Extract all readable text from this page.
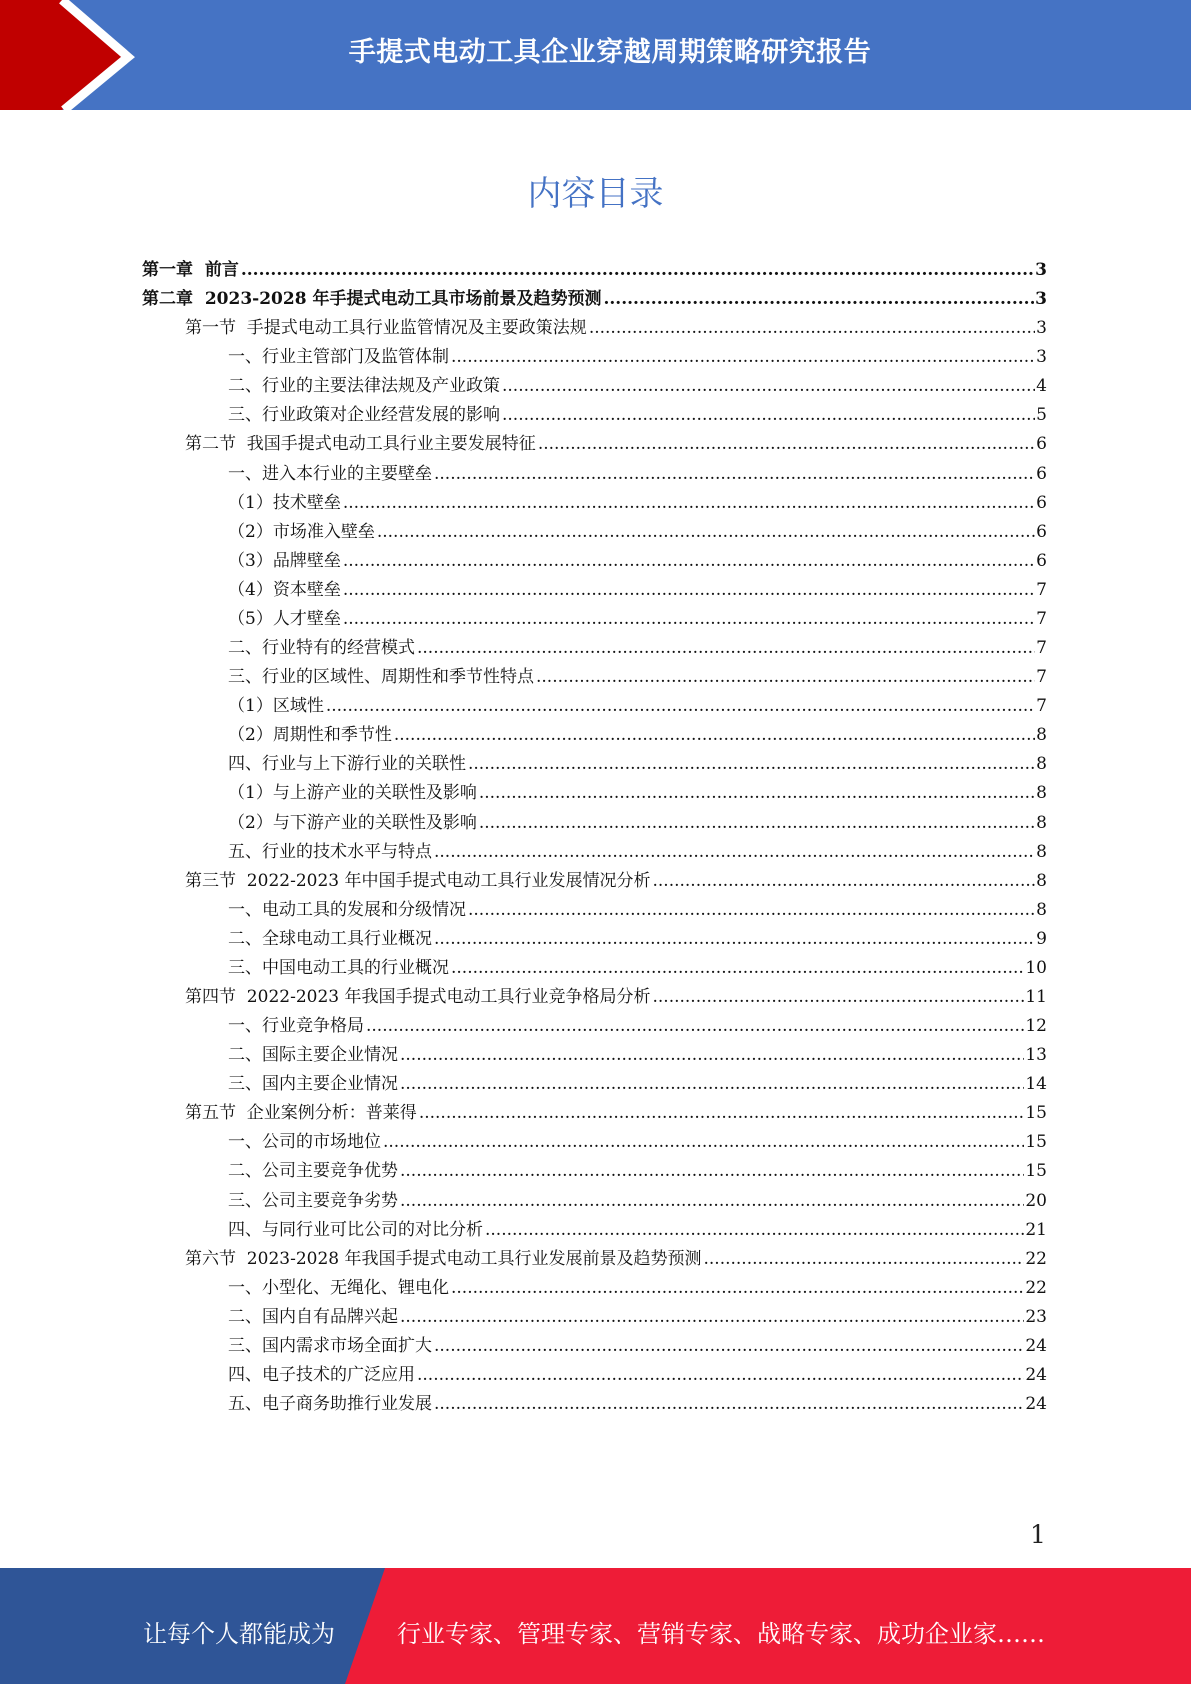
手提式电动工具企业穿越周期策略研究报告
内容目录
第一章  前言 .....	3
第二章  2023-2028 年手提式电动工具市场前景及趋势预测 .....	3
第一节  手提式电动工具行业监管情况及主要政策法规 .....	3
一、行业主管部门及监管体制 .....	3
二、行业的主要法律法规及产业政策 .....	4
三、行业政策对企业经营发展的影响 .....	5
第二节  我国手提式电动工具行业主要发展特征 .....	6
一、进入本行业的主要壁垒 .....	6
（1）技术壁垒 .....	6
（2）市场准入壁垒 .....	6
（3）品牌壁垒 .....	6
（4）资本壁垒 .....	7
（5）人才壁垒 .....	7
二、行业特有的经营模式 .....	7
三、行业的区域性、周期性和季节性特点 .....	7
（1）区域性 .....	7
（2）周期性和季节性 .....	8
四、行业与上下游行业的关联性 .....	8
（1）与上游产业的关联性及影响 .....	8
（2）与下游产业的关联性及影响 .....	8
五、行业的技术水平与特点 .....	8
第三节  2022-2023 年中国手提式电动工具行业发展情况分析 .....	8
一、电动工具的发展和分级情况 .....	8
二、全球电动工具行业概况 .....	9
三、中国电动工具的行业概况 .....	10
第四节  2022-2023 年我国手提式电动工具行业竞争格局分析 .....	11
一、行业竞争格局 .....	12
二、国际主要企业情况 .....	13
三、国内主要企业情况 .....	14
第五节  企业案例分析：普莱得 .....	15
一、公司的市场地位 .....	15
二、公司主要竞争优势 .....	15
三、公司主要竞争劣势 .....	20
四、与同行业可比公司的对比分析 .....	21
第六节  2023-2028 年我国手提式电动工具行业发展前景及趋势预测 .....	22
一、小型化、无绳化、锂电化 .....	22
二、国内自有品牌兴起 .....	23
三、国内需求市场全面扩大 .....	24
四、电子技术的广泛应用 .....	24
五、电子商务助推行业发展 .....	24
1
让每个人都能成为	行业专家、管理专家、营销专家、战略专家、成功企业家……
